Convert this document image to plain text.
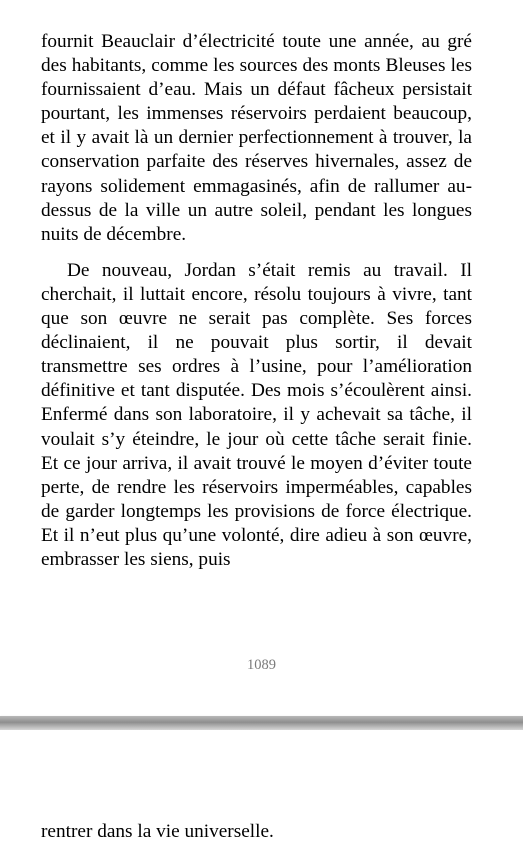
fournit Beauclair d’électricité toute une année, au gré des habitants, comme les sources des monts Bleuses les fournissaient d’eau. Mais un défaut fâcheux persistait pourtant, les immenses réservoirs perdaient beaucoup, et il y avait là un dernier perfectionnement à trouver, la conservation parfaite des réserves hivernales, assez de rayons solidement emmagasinés, afin de rallumer au-dessus de la ville un autre soleil, pendant les longues nuits de décembre.

De nouveau, Jordan s’était remis au travail. Il cherchait, il luttait encore, résolu toujours à vivre, tant que son œuvre ne serait pas complète. Ses forces déclinaient, il ne pouvait plus sortir, il devait transmettre ses ordres à l’usine, pour l’amélioration définitive et tant disputée. Des mois s’écoulèrent ainsi. Enfermé dans son laboratoire, il y achevait sa tâche, il voulait s’y éteindre, le jour où cette tâche serait finie. Et ce jour arriva, il avait trouvé le moyen d’éviter toute perte, de rendre les réservoirs imperméables, capables de garder longtemps les provisions de force électrique. Et il n’eut plus qu’une volonté, dire adieu à son œuvre, embrasser les siens, puis

1089
rentrer dans la vie universelle.
